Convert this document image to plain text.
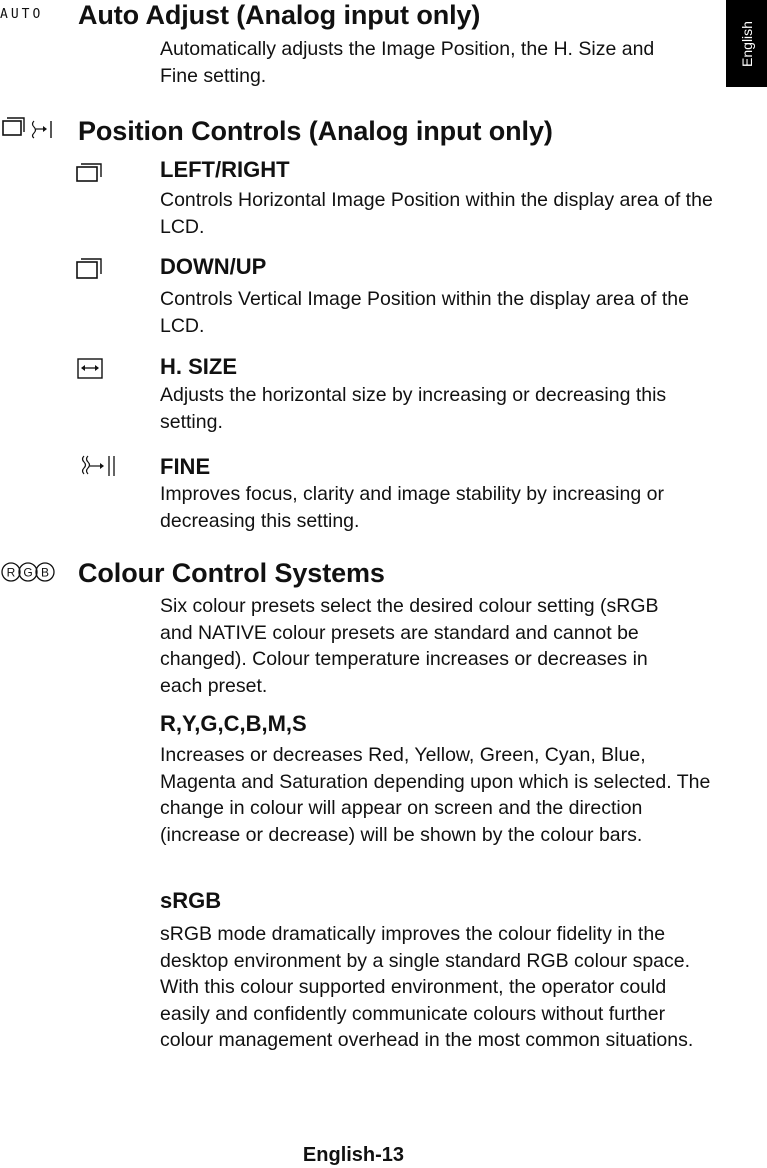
English
AUTO Auto Adjust (Analog input only)

Automatically adjusts the Image Position, the H. Size and Fine setting.

Position Controls (Analog input only)
LEFT/RIGHT

Controls Horizontal Image Position within the display area of the LCD.

DOWN/UP

Controls Vertical Image Position within the display area of the LCD.

H. SIZE

Adjusts the horizontal size by increasing or decreasing this setting.

FINE

Improves focus, clarity and image stability by increasing or decreasing this setting.

R G B Colour Control Systems

Six colour presets select the desired colour setting (sRGB and NATIVE colour presets are standard and cannot be changed). Colour temperature increases or decreases in each preset.

R,Y,G,C,B,M,S

Increases or decreases Red, Yellow, Green, Cyan, Blue, Magenta and Saturation depending upon which is selected. The change in colour will appear on screen and the direction (increase or decrease) will be shown by the colour bars.

sRGB

sRGB mode dramatically improves the colour fidelity in the desktop environment by a single standard RGB colour space. With this colour supported environment, the operator could easily and confidently communicate colours without further colour management overhead in the most common situations.

English-13
